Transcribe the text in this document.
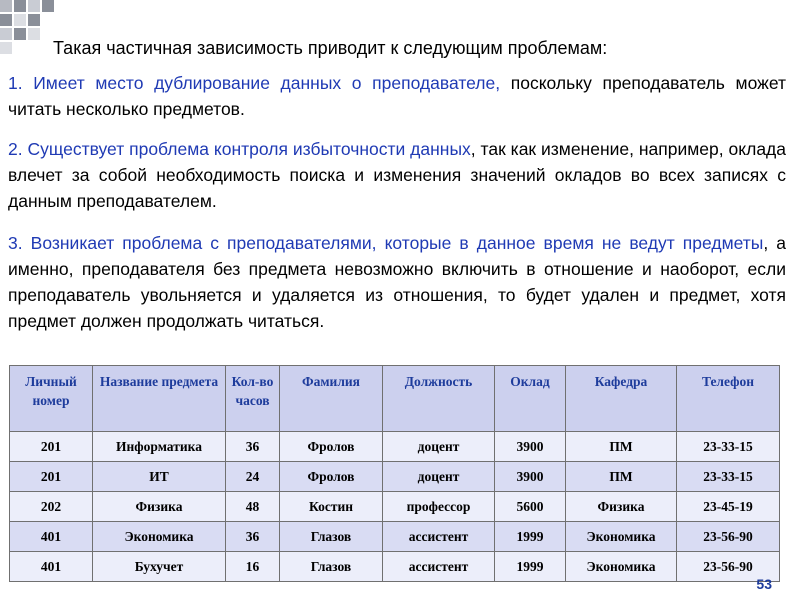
Такая частичная зависимость приводит к следующим проблемам:

1. Имеет место дублирование данных о преподавателе, поскольку преподаватель может читать несколько предметов.

2. Существует проблема контроля избыточности данных, так как изменение, например, оклада влечет за собой необходимость поиска и изменения значений окладов во всех записях с данным преподавателем.

3. Возникает проблема с преподавателями, которые в данное время не ведут предметы, а именно, преподавателя без предмета невозможно включить в отношение и наоборот, если преподаватель увольняется и удаляется из отношения, то будет удален и предмет, хотя предмет должен продолжать читаться.

Личный номер	Название предмета	Кол-во часов	Фамилия	Должность	Оклад	Кафедра	Телефон
201	Информатика	36	Фролов	доцент	3900	ПМ	23-33-15
201	ИТ	24	Фролов	доцент	3900	ПМ	23-33-15
202	Физика	48	Костин	профессор	5600	Физика	23-45-19
401	Экономика	36	Глазов	ассистент	1999	Экономика	23-56-90
401	Бухучет	16	Глазов	ассистент	1999	Экономика	23-56-90
53
